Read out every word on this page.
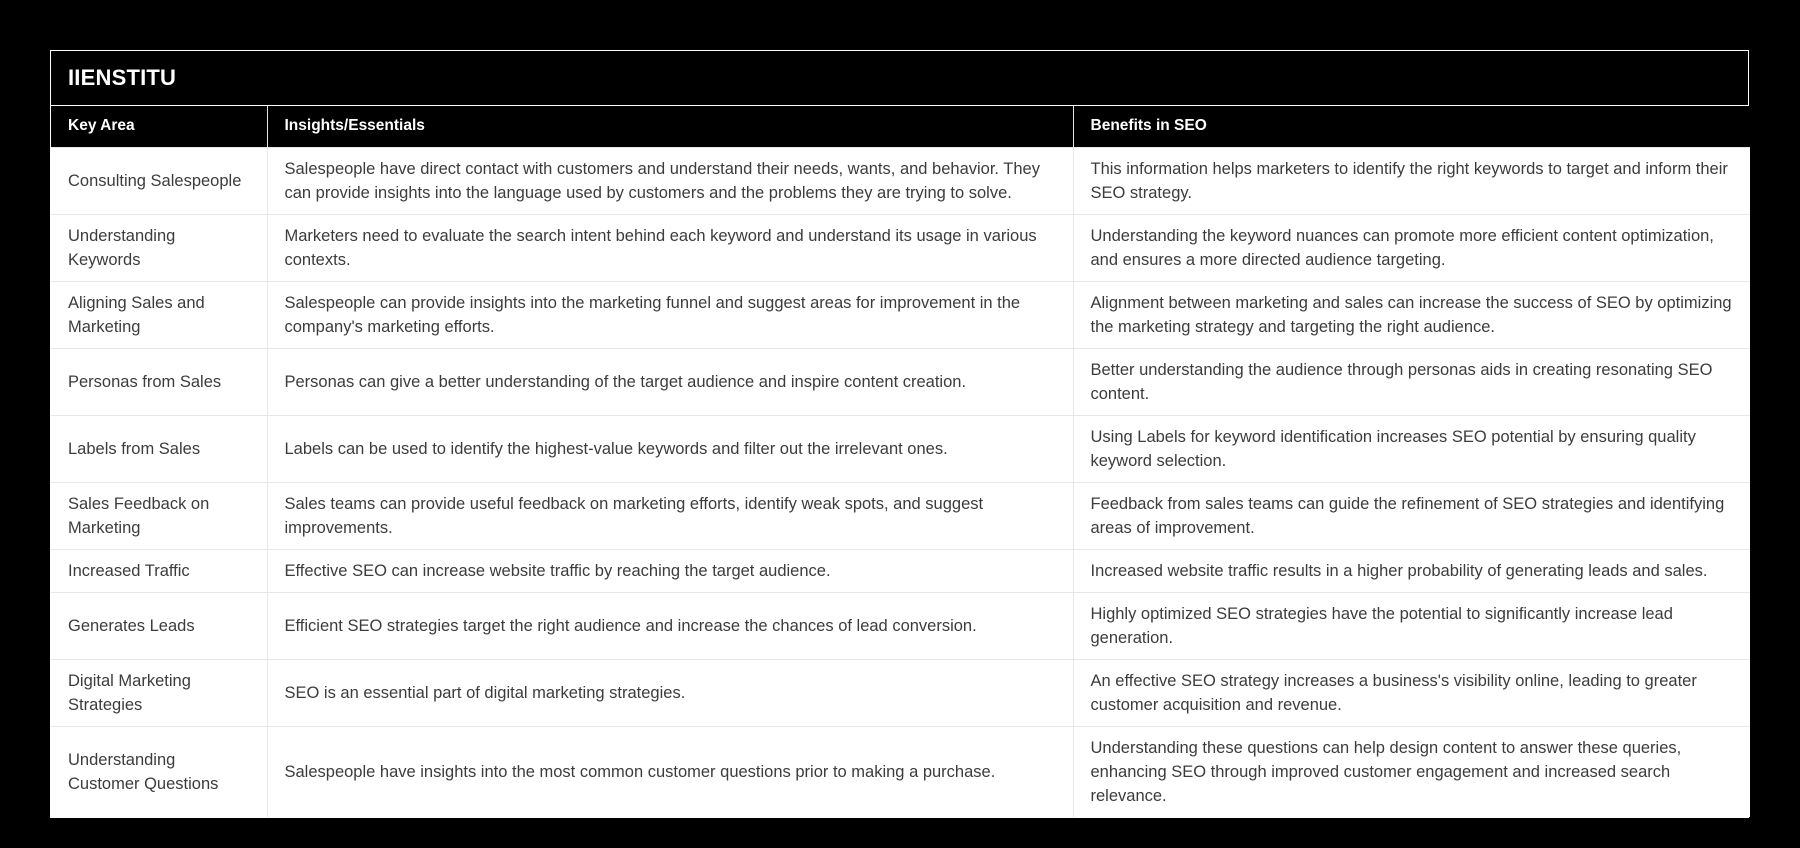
IIENSTITU
Key Area	Insights/Essentials	Benefits in SEO
Consulting Salespeople	Salespeople have direct contact with customers and understand their needs, wants, and behavior. They can provide insights into the language used by customers and the problems they are trying to solve.	This information helps marketers to identify the right keywords to target and inform their SEO strategy.
Understanding Keywords	Marketers need to evaluate the search intent behind each keyword and understand its usage in various contexts.	Understanding the keyword nuances can promote more efficient content optimization, and ensures a more directed audience targeting.
Aligning Sales and Marketing	Salespeople can provide insights into the marketing funnel and suggest areas for improvement in the company's marketing efforts.	Alignment between marketing and sales can increase the success of SEO by optimizing the marketing strategy and targeting the right audience.
Personas from Sales	Personas can give a better understanding of the target audience and inspire content creation.	Better understanding the audience through personas aids in creating resonating SEO content.
Labels from Sales	Labels can be used to identify the highest-value keywords and filter out the irrelevant ones.	Using Labels for keyword identification increases SEO potential by ensuring quality keyword selection.
Sales Feedback on Marketing	Sales teams can provide useful feedback on marketing efforts, identify weak spots, and suggest improvements.	Feedback from sales teams can guide the refinement of SEO strategies and identifying areas of improvement.
Increased Traffic	Effective SEO can increase website traffic by reaching the target audience.	Increased website traffic results in a higher probability of generating leads and sales.
Generates Leads	Efficient SEO strategies target the right audience and increase the chances of lead conversion.	Highly optimized SEO strategies have the potential to significantly increase lead generation.
Digital Marketing Strategies	SEO is an essential part of digital marketing strategies.	An effective SEO strategy increases a business's visibility online, leading to greater customer acquisition and revenue.
Understanding Customer Questions	Salespeople have insights into the most common customer questions prior to making a purchase.	Understanding these questions can help design content to answer these queries, enhancing SEO through improved customer engagement and increased search relevance.
